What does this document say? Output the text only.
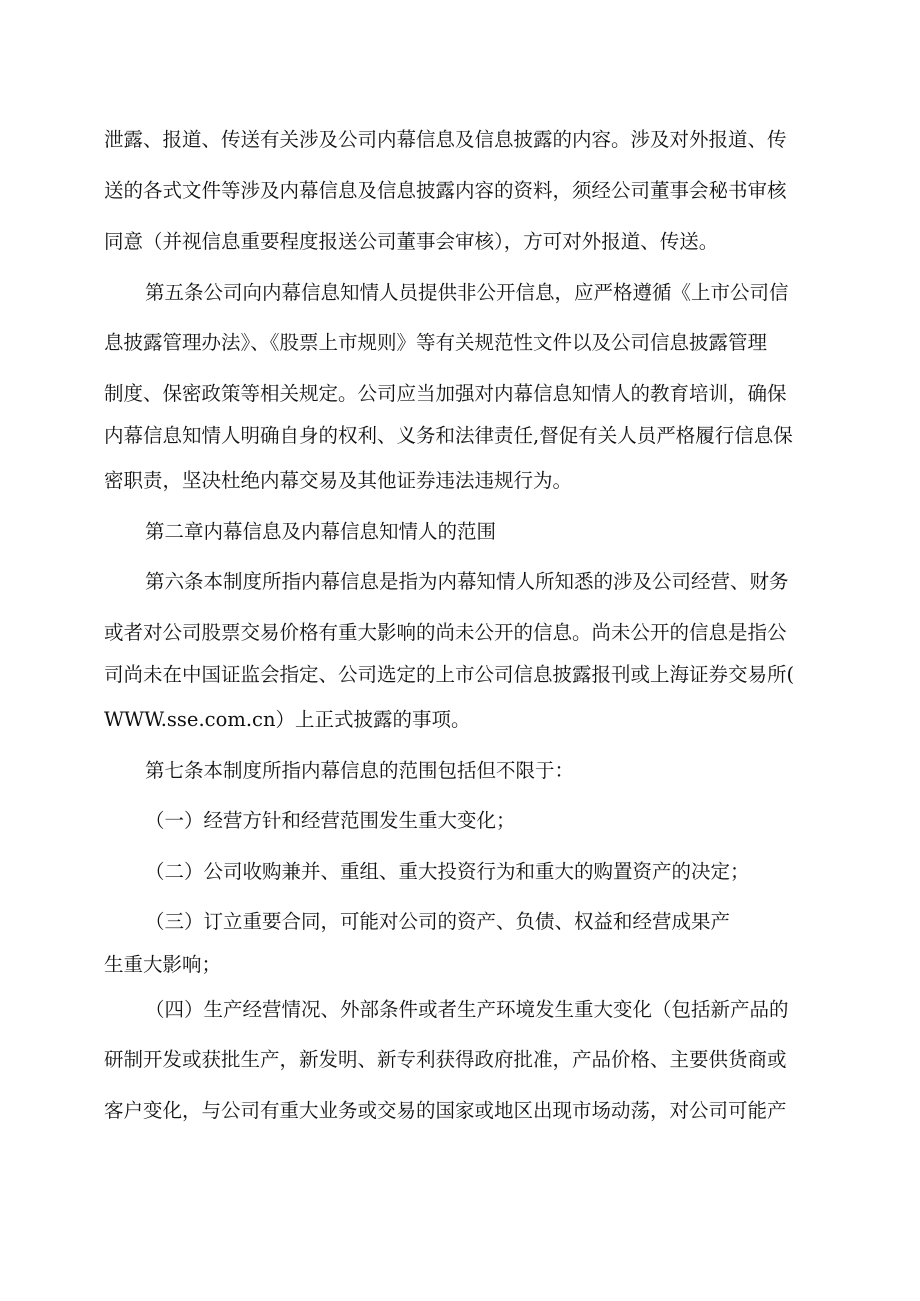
泄露、报道、传送有关涉及公司内幕信息及信息披露的内容。涉及对外报道、传
送的各式文件等涉及内幕信息及信息披露内容的资料，须经公司董事会秘书审核
同意（并视信息重要程度报送公司董事会审核），方可对外报道、传送。
第五条公司向内幕信息知情人员提供非公开信息，应严格遵循《上市公司信
息披露管理办法》、《股票上市规则》等有关规范性文件以及公司信息披露管理
制度、保密政策等相关规定。公司应当加强对内幕信息知情人的教育培训，确保
内幕信息知情人明确自身的权利、义务和法律责任,督促有关人员严格履行信息保
密职责，坚决杜绝内幕交易及其他证券违法违规行为。
第二章内幕信息及内幕信息知情人的范围
第六条本制度所指内幕信息是指为内幕知情人所知悉的涉及公司经营、财务
或者对公司股票交易价格有重大影响的尚未公开的信息。尚未公开的信息是指公
司尚未在中国证监会指定、公司选定的上市公司信息披露报刊或上海证券交易所(
WWW.sse.com.cn）上正式披露的事项。
第七条本制度所指内幕信息的范围包括但不限于：
（一）经营方针和经营范围发生重大变化；
（二）公司收购兼并、重组、重大投资行为和重大的购置资产的决定；
（三）订立重要合同，可能对公司的资产、负债、权益和经营成果产
生重大影响；
（四）生产经营情况、外部条件或者生产环境发生重大变化（包括新产品的
研制开发或获批生产，新发明、新专利获得政府批准，产品价格、主要供货商或
客户变化，与公司有重大业务或交易的国家或地区出现市场动荡，对公司可能产
